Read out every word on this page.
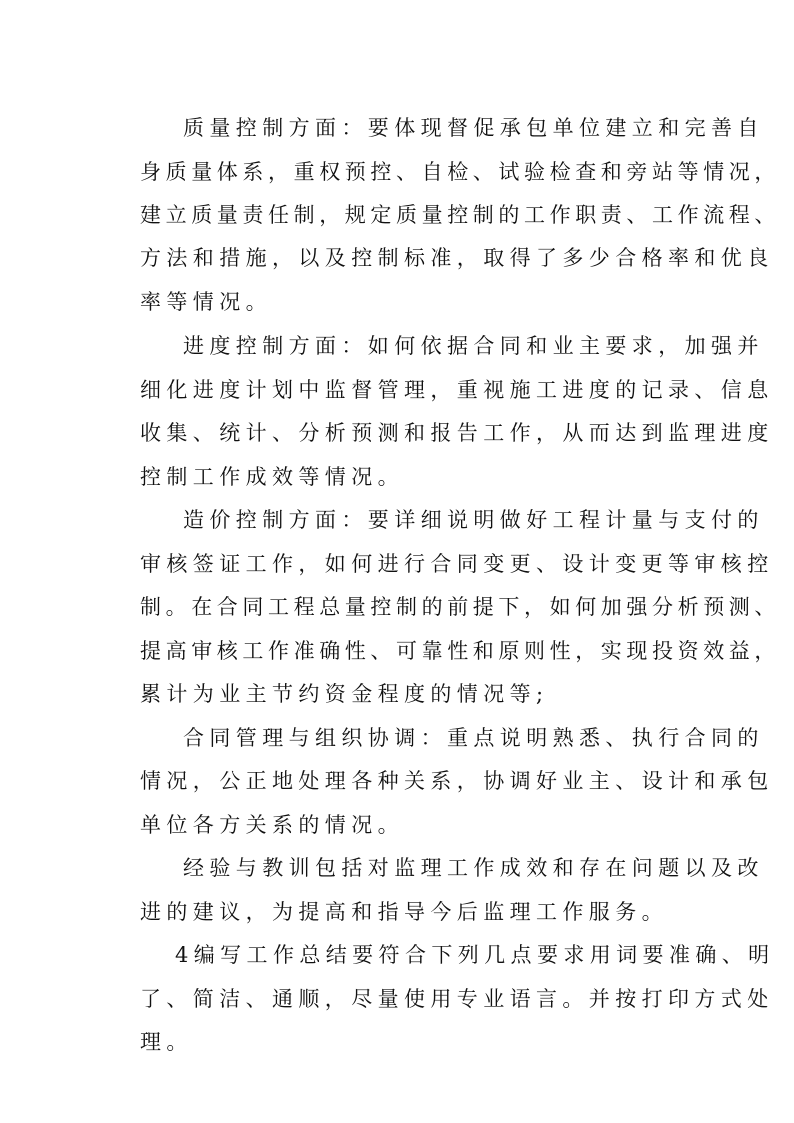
质量控制方面：要体现督促承包单位建立和完善自
身质量体系，重权预控、自检、试验检查和旁站等情况，
建立质量责任制，规定质量控制的工作职责、工作流程、
方法和措施，以及控制标准，取得了多少合格率和优良
率等情况。
进度控制方面：如何依据合同和业主要求，加强并
细化进度计划中监督管理，重视施工进度的记录、信息
收集、统计、分析预测和报告工作，从而达到监理进度
控制工作成效等情况。
造价控制方面：要详细说明做好工程计量与支付的
审核签证工作，如何进行合同变更、设计变更等审核控
制。在合同工程总量控制的前提下，如何加强分析预测、
提高审核工作准确性、可靠性和原则性，实现投资效益，
累计为业主节约资金程度的情况等;
合同管理与组织协调：重点说明熟悉、执行合同的
情况，公正地处理各种关系，协调好业主、设计和承包
单位各方关系的情况。
经验与教训包括对监理工作成效和存在问题以及改
进的建议，为提高和指导今后监理工作服务。
4编写工作总结要符合下列几点要求用词要准确、明
了、简洁、通顺，尽量使用专业语言。并按打印方式处
理。
